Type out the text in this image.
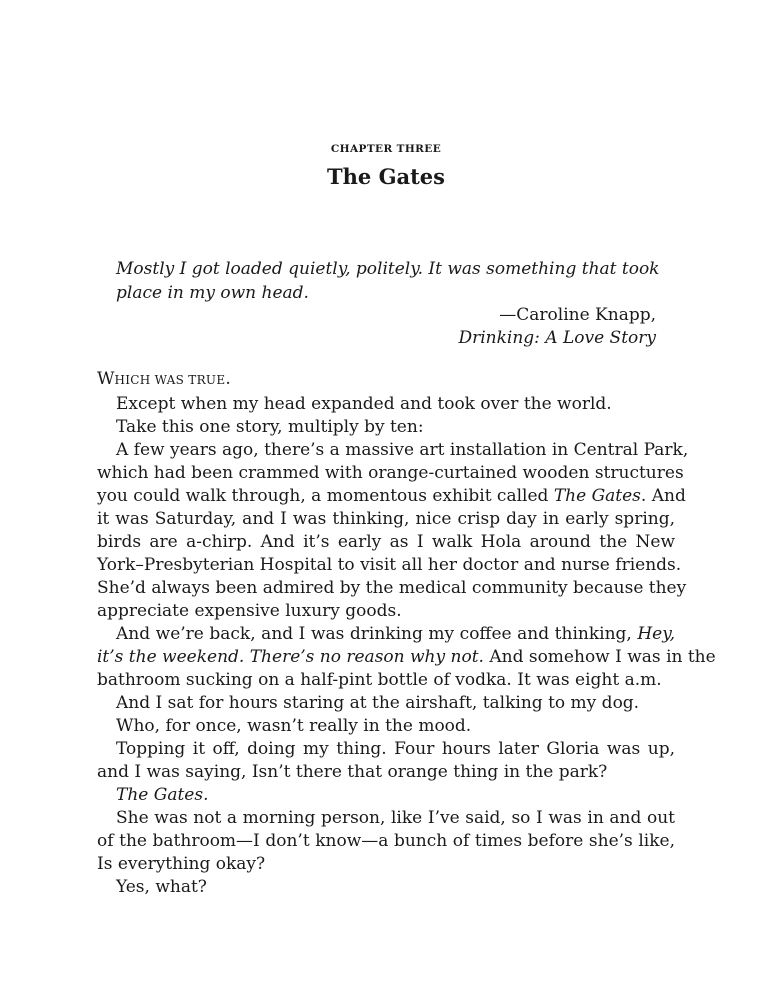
CHAPTER THREE
The Gates
Mostly I got loaded quietly, politely. It was something that took
place in my own head.
—Caroline Knapp,
Drinking: A Love Story
WHICH WAS TRUE.
Except when my head expanded and took over the world.
Take this one story, multiply by ten:
A few years ago, there’s a massive art installation in Central Park,
which had been crammed with orange-curtained wooden structures
you could walk through, a momentous exhibit called The Gates. And
it was Saturday, and I was thinking, nice crisp day in early spring,
birds are a-chirp. And it’s early as I walk Hola around the New
York–Presbyterian Hospital to visit all her doctor and nurse friends.
She’d always been admired by the medical community because they
appreciate expensive luxury goods.
And we’re back, and I was drinking my coffee and thinking, Hey,
it’s the weekend. There’s no reason why not. And somehow I was in the
bathroom sucking on a half-pint bottle of vodka. It was eight a.m.
And I sat for hours staring at the airshaft, talking to my dog.
Who, for once, wasn’t really in the mood.
Topping it off, doing my thing. Four hours later Gloria was up,
and I was saying, Isn’t there that orange thing in the park?
The Gates.
She was not a morning person, like I’ve said, so I was in and out
of the bathroom—I don’t know—a bunch of times before she’s like,
Is everything okay?
Yes, what?
